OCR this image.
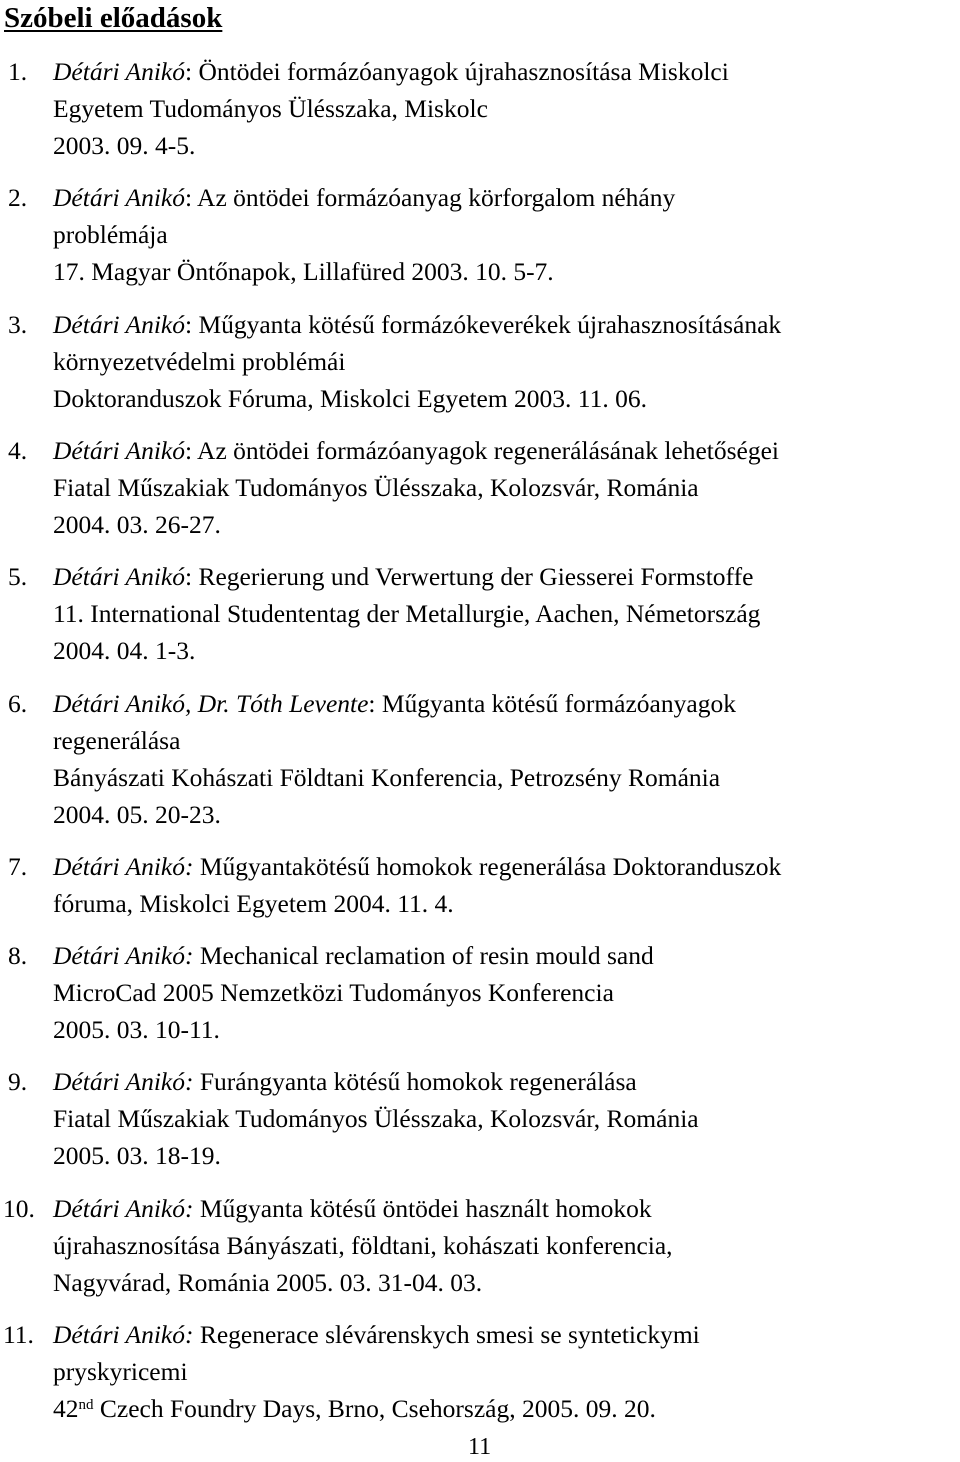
Szóbeli előadások
1. Détári Anikó: Öntödei formázóanyagok újrahasznosítása Miskolci
Egyetem Tudományos Ülésszaka, Miskolc
2003. 09. 4-5.
2. Détári Anikó: Az öntödei formázóanyag körforgalom néhány
problémája
17. Magyar Öntőnapok, Lillafüred 2003. 10. 5-7.
3. Détári Anikó: Műgyanta kötésű formázókeverékek újrahasznosításának
környezetvédelmi problémái
Doktoranduszok Fóruma, Miskolci Egyetem 2003. 11. 06.
4. Détári Anikó: Az öntödei formázóanyagok regenerálásának lehetőségei
Fiatal Műszakiak Tudományos Ülésszaka, Kolozsvár, Románia
2004. 03. 26-27.
5. Détári Anikó: Regerierung und Verwertung der Giesserei Formstoffe
11. International Studententag der Metallurgie, Aachen, Németország
2004. 04. 1-3.
6. Détári Anikó, Dr. Tóth Levente: Műgyanta kötésű formázóanyagok
regenerálása
Bányászati Kohászati Földtani Konferencia, Petrozsény Románia
2004. 05. 20-23.
7. Détári Anikó: Műgyantakötésű homokok regenerálása Doktoranduszok
fóruma, Miskolci Egyetem 2004. 11. 4.
8. Détári Anikó: Mechanical reclamation of resin mould sand
MicroCad 2005 Nemzetközi Tudományos Konferencia
2005. 03. 10-11.
9. Détári Anikó: Furángyanta kötésű homokok regenerálása
Fiatal Műszakiak Tudományos Ülésszaka, Kolozsvár, Románia
2005. 03. 18-19.
10. Détári Anikó: Műgyanta kötésű öntödei használt homokok
újrahasznosítása Bányászati, földtani, kohászati konferencia,
Nagyvárad, Románia 2005. 03. 31-04. 03.
11. Détári Anikó: Regenerace slévárenskych smesi se syntetickymi
pryskyricemi
42nd Czech Foundry Days, Brno, Csehország, 2005. 09. 20.
11
